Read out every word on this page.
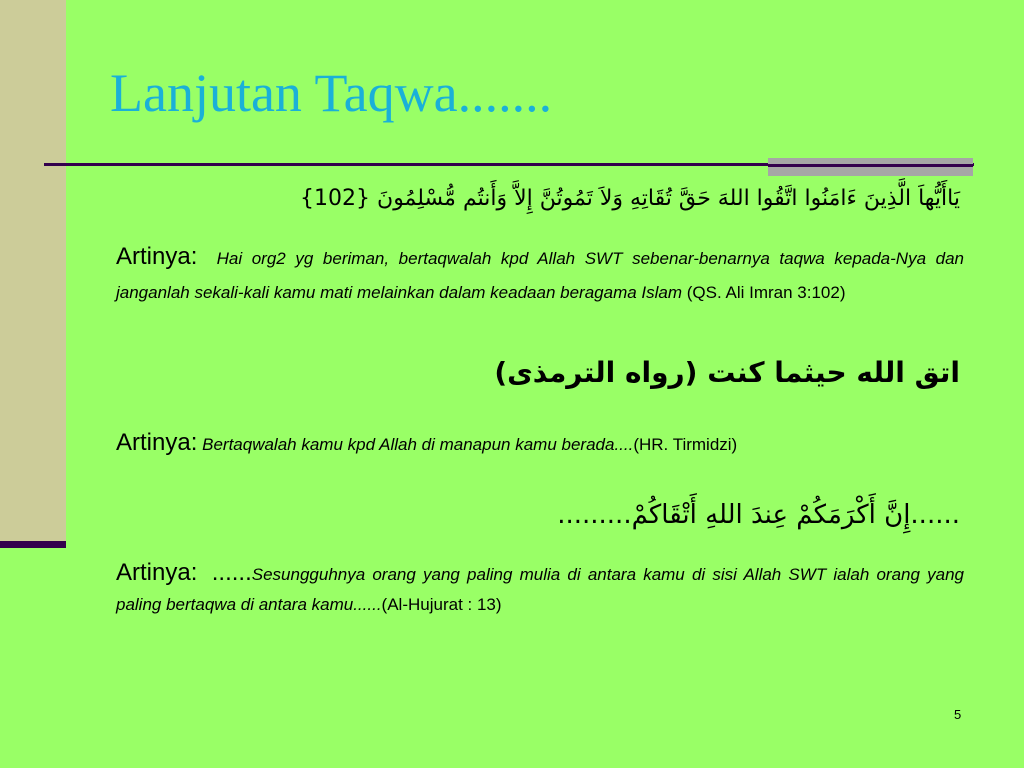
Lanjutan Taqwa.......
يَاأَيُّهاَ الَّذِينَ ءَامَنُوا اتَّقُوا اللهَ حَقَّ تُقَاتِهِ وَلاَ تَمُوتُنَّ إِلاَّ وَأَنتُم مُّسْلِمُونَ {102}
Artinya: Hai org2 yg beriman, bertaqwalah kpd Allah SWT sebenar-benarnya taqwa kepada-Nya dan janganlah sekali-kali kamu mati melainkan dalam keadaan beragama Islam (QS. Ali Imran 3:102)
اتق الله حيثما كنت (رواه الترمذى)
Artinya: Bertaqwalah kamu kpd Allah di manapun kamu berada....(HR. Tirmidzi)
......إِنَّ أَكْرَمَكُمْ عِندَ اللهِ أَتْقَاكُمْ.........
Artinya: ......Sesungguhnya orang yang paling mulia di antara kamu di sisi Allah SWT ialah orang yang paling bertaqwa di antara kamu......(Al-Hujurat : 13)
5
